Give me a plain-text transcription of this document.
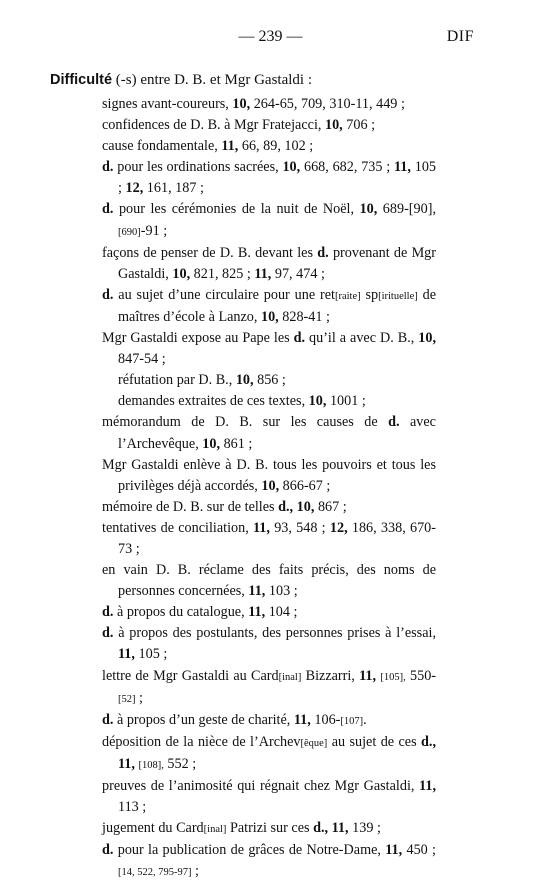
— 239 —	DIF
Difficulté (-s) entre D. B. et Mgr Gastaldi :
signes avant-coureurs, 10, 264-65, 709, 310-11, 449 ;
confidences de D. B. à Mgr Fratejacci, 10, 706 ;
cause fondamentale, 11, 66, 89, 102 ;
d. pour les ordinations sacrées, 10, 668, 682, 735 ; 11, 105 ; 12, 161, 187 ;
d. pour les cérémonies de la nuit de Noël, 10, 689-[90], [690]-91 ;
façons de penser de D. B. devant les d. provenant de Mgr Gastaldi, 10, 821, 825 ; 11, 97, 474 ;
d. au sujet d’une circulaire pour une ret[raite] sp[irituelle] de maîtres d’école à Lanzo, 10, 828-41 ;
Mgr Gastaldi expose au Pape les d. qu’il a avec D. B., 10, 847-54 ;
réfutation par D. B., 10, 856 ;
demandes extraites de ces textes, 10, 1001 ;
mémorandum de D. B. sur les causes de d. avec l’Archevêque, 10, 861 ;
Mgr Gastaldi enlève à D. B. tous les pouvoirs et tous les privilèges déjà accordés, 10, 866-67 ;
mémoire de D. B. sur de telles d., 10, 867 ;
tentatives de conciliation, 11, 93, 548 ; 12, 186, 338, 670-73 ;
en vain D. B. réclame des faits précis, des noms de personnes concernées, 11, 103 ;
d. à propos du catalogue, 11, 104 ;
d. à propos des postulants, des personnes prises à l’essai, 11, 105 ;
lettre de Mgr Gastaldi au Card[inal] Bizzarri, 11, [105], 550-[52] ;
d. à propos d’un geste de charité, 11, 106-[107].
déposition de la nièce de l’Archev[êque] au sujet de ces d., 11, [108], 552 ;
preuves de l’animosité qui régnait chez Mgr Gastaldi, 11, 113 ;
jugement du Card[inal] Patrizi sur ces d., 11, 139 ;
d. pour la publication de grâces de Notre-Dame, 11, 450 ; [14, 522, 795-97] ;
